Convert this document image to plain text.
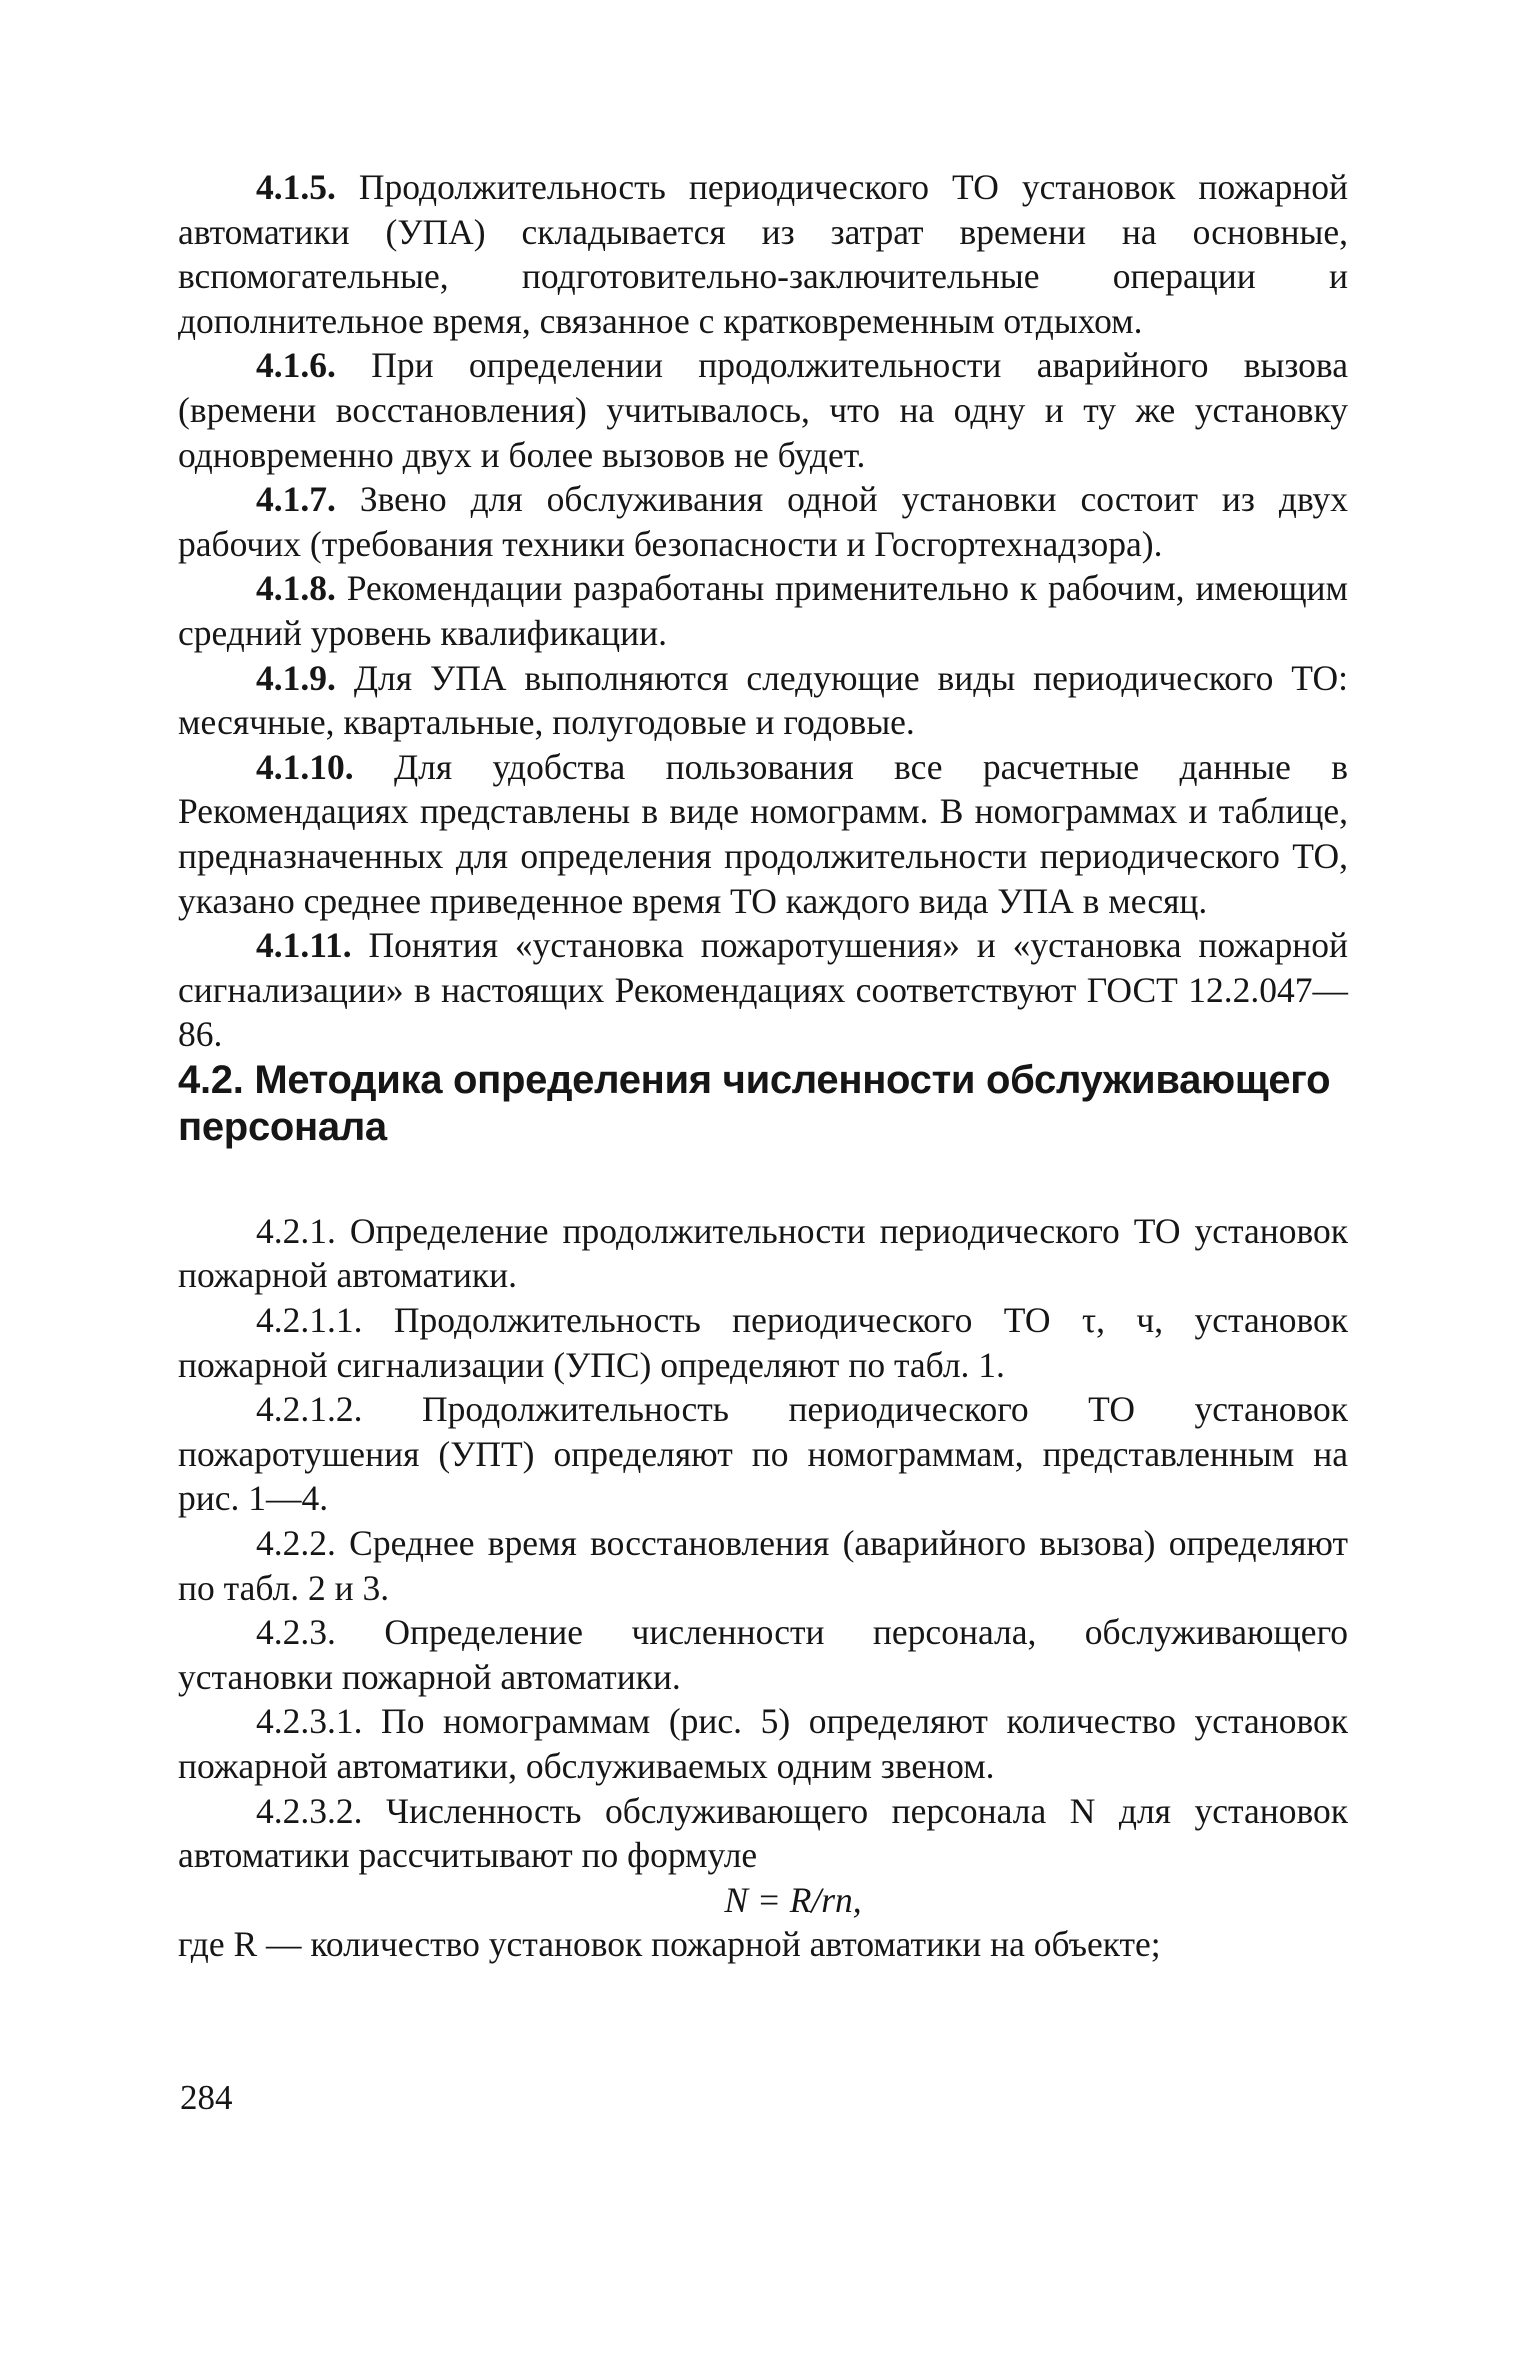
4.1.5. Продолжительность периодического ТО установок пожарной автоматики (УПА) складывается из затрат времени на основные, вспомогательные, подготовительно-заключительные операции и дополнительное время, связанное с кратковременным отдыхом.

4.1.6. При определении продолжительности аварийного вызова (времени восстановления) учитывалось, что на одну и ту же установку одновременно двух и более вызовов не будет.

4.1.7. Звено для обслуживания одной установки состоит из двух рабочих (требования техники безопасности и Госгортехнадзора).

4.1.8. Рекомендации разработаны применительно к рабочим, имеющим средний уровень квалификации.

4.1.9. Для УПА выполняются следующие виды периодического ТО: месячные, квартальные, полугодовые и годовые.

4.1.10. Для удобства пользования все расчетные данные в Рекомендациях представлены в виде номограмм. В номограммах и таблице, предназначенных для определения продолжительности периодического ТО, указано среднее приведенное время ТО каждого вида УПА в месяц.

4.1.11. Понятия «установка пожаротушения» и «установка пожарной сигнализации» в настоящих Рекомендациях соответствуют ГОСТ 12.2.047—86.

4.2. Методика определения численности обслуживающего персонала

4.2.1. Определение продолжительности периодического ТО установок пожарной автоматики.

4.2.1.1. Продолжительность периодического ТО τ, ч, установок пожарной сигнализации (УПС) определяют по табл. 1.

4.2.1.2. Продолжительность периодического ТО установок пожаротушения (УПТ) определяют по номограммам, представленным на рис. 1—4.

4.2.2. Среднее время восстановления (аварийного вызова) определяют по табл. 2 и 3.

4.2.3. Определение численности персонала, обслуживающего установки пожарной автоматики.

4.2.3.1. По номограммам (рис. 5) определяют количество установок пожарной автоматики, обслуживаемых одним звеном.

4.2.3.2. Численность обслуживающего персонала N для установок автоматики рассчитывают по формуле

N = R/rn,

где R — количество установок пожарной автоматики на объекте;

284
